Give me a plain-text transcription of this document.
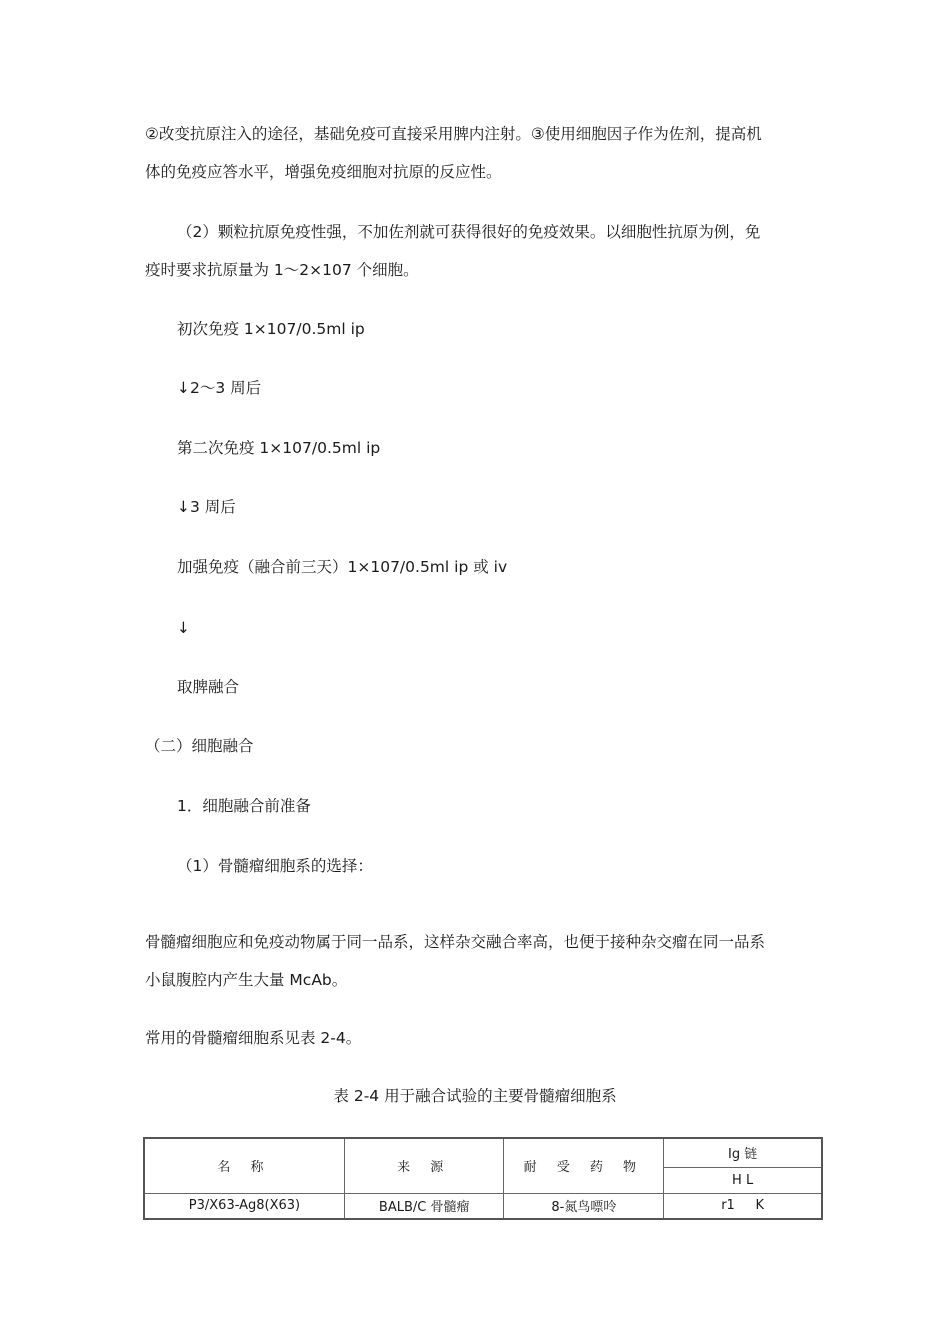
②改变抗原注入的途径，基础免疫可直接采用脾内注射。③使用细胞因子作为佐剂，提高机
体的免疫应答水平，增强免疫细胞对抗原的反应性。
（2）颗粒抗原免疫性强，不加佐剂就可获得很好的免疫效果。以细胞性抗原为例，免
疫时要求抗原量为 1～2×107 个细胞。
初次免疫 1×107/0.5ml ip
↓2～3 周后
第二次免疫 1×107/0.5ml ip
↓3 周后
加强免疫（融合前三天）1×107/0.5ml ip 或 iv
↓
取脾融合
（二）细胞融合
1．细胞融合前准备
（1）骨髓瘤细胞系的选择：
骨髓瘤细胞应和免疫动物属于同一品系，这样杂交融合率高，也便于接种杂交瘤在同一品系
小鼠腹腔内产生大量 McAb。
常用的骨髓瘤细胞系见表 2-4。
表 2-4 用于融合试验的主要骨髓瘤细胞系
名 称	来 源	耐 受 药 物	Ig 链
			H L
P3/X63-Ag8(X63)	BALB/C 骨髓瘤	8-氮鸟嘌呤	r1     K
